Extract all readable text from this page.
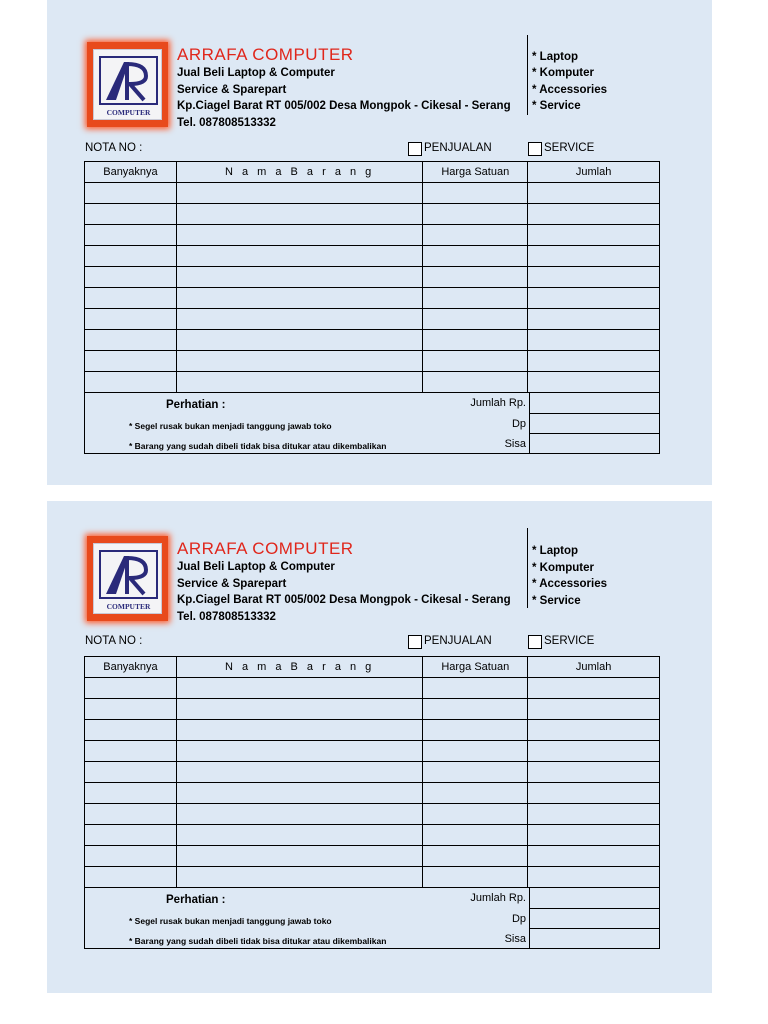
COMPUTER
ARRAFA COMPUTER
Jual Beli Laptop & Computer
Service & Sparepart
Kp.Ciagel Barat RT 005/002 Desa Mongpok - Cikesal - Serang
Tel. 087808513332
* Laptop
* Komputer
* Accessories
* Service
NOTA NO :	PENJUALAN	SERVICE
Banyaknya	N a m a B a r a n g	Harga Satuan	Jumlah

Perhatian :
* Segel rusak bukan menjadi tanggung jawab toko
* Barang yang sudah dibeli tidak bisa ditukar atau dikembalikan
Jumlah Rp.
Dp
Sisa
COMPUTER
ARRAFA COMPUTER
Jual Beli Laptop & Computer
Service & Sparepart
Kp.Ciagel Barat RT 005/002 Desa Mongpok - Cikesal - Serang
Tel. 087808513332
* Laptop
* Komputer
* Accessories
* Service
NOTA NO :	PENJUALAN	SERVICE
Banyaknya	N a m a B a r a n g	Harga Satuan	Jumlah

Perhatian :
* Segel rusak bukan menjadi tanggung jawab toko
* Barang yang sudah dibeli tidak bisa ditukar atau dikembalikan
Jumlah Rp.
Dp
Sisa
